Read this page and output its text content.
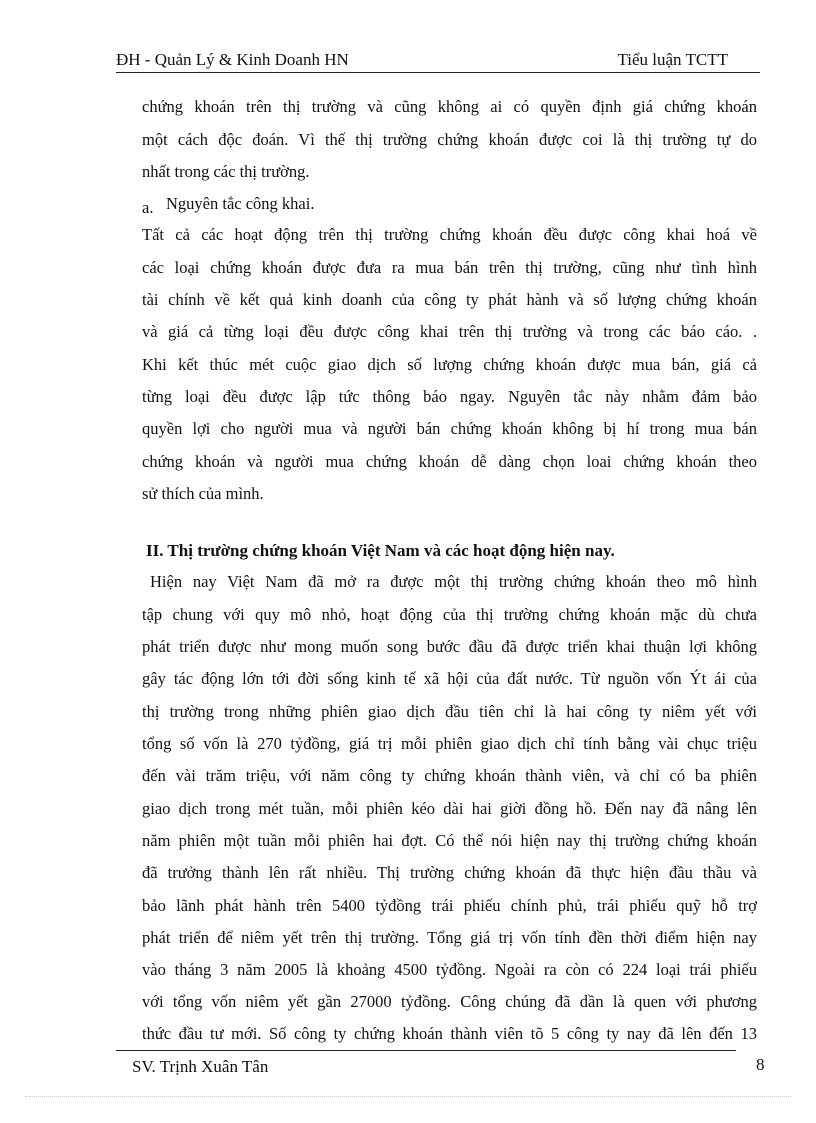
ĐH - Quản Lý & Kinh Doanh HN	Tiểu luận TCTT
chứng khoán trên thị trường và cũng không ai có quyền định giá chứng khoán
một cách độc đoán. Vì thế thị trường chứng khoán được coi là thị trường tự do
nhất trong các thị trường.
a. Nguyên tắc công khai.
Tất cả các hoạt động trên thị trường chứng khoán đều được công khai hoá về
các loại chứng khoán được đưa ra mua bán trên thị trường, cũng như tình hình
tài chính về kết quả kinh doanh của công ty phát hành và số lượng chứng khoán
và giá cả từng loại đều được công khai trên thị trường và trong các báo cáo. .
Khi kết thúc mét cuộc giao dịch số lượng chứng khoán được mua bán, giá cả
từng loại đều được lập tức thông báo ngay. Nguyên tắc này nhằm đảm bảo
quyền lợi cho người mua và người bán chứng khoán không bị hí trong mua bán
chứng khoán và người mua chứng khoán dễ dàng chọn loai chứng khoán theo
sử thích của mình.
II. Thị trường chứng khoán Việt Nam và các hoạt động hiện nay.
Hiện nay Việt Nam đã mở ra được một thị trường chứng khoán theo mô hình
tập chung với quy mô nhỏ, hoạt động của thị trường chứng khoán mặc dù chưa
phát triển được như mong muốn song bước đầu đã được triển khai thuận lợi không
gây tác động lớn tới đời sống kinh tế xã hội của đất nước. Từ nguồn vốn Ýt ái của
thị trường trong những phiên giao dịch đầu tiên chỉ là hai công ty niêm yết với
tổng số vốn là 270 tỷđồng, giá trị mỗi phiên giao dịch chỉ tính bằng vài chục triệu
đến vài trăm triệu, với năm công ty chứng khoán thành viên, và chỉ có ba phiên
giao dịch trong mét tuần, mỗi phiên kéo dài hai giời đồng hồ. Đến nay đã nâng lên
năm phiên một tuần mỗi phiên hai đợt. Có thể nói hiện nay thị trường chứng khoán
đã trưởng thành lên rất nhiều. Thị trường chứng khoán đã thực hiện đầu thầu và
bảo lãnh phát hành trên 5400 tỷđồng trái phiếu chính phủ, trái phiếu quỹ hỗ trợ
phát triển để niêm yết trên thị trường. Tổng giá trị vốn tính đền thời điểm hiện nay
vào tháng 3 năm 2005 là khoảng 4500 tỷđồng. Ngoài ra còn có 224 loại trái phiếu
với tổng vốn niêm yết gần 27000 tỷđồng. Công chúng đã dần là quen với phương
thức đầu tư mới. Số công ty chứng khoán thành viên tõ 5 công ty nay đã lên đến 13
SV. Trịnh Xuân Tân	8
